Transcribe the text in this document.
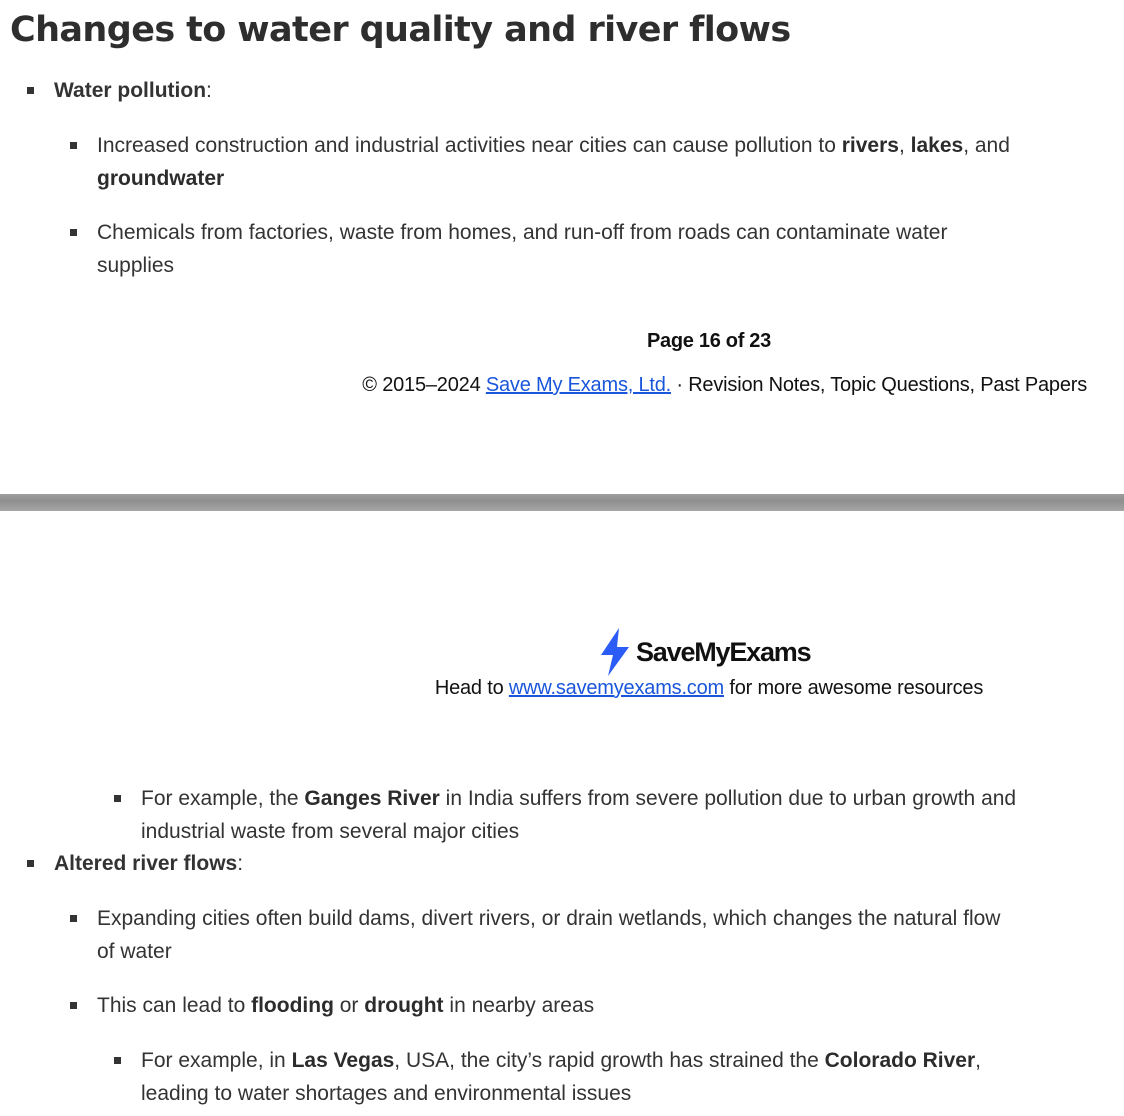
Changes to water quality and river flows
Water pollution:
Increased construction and industrial activities near cities can cause pollution to rivers, lakes, and
groundwater
Chemicals from factories, waste from homes, and run-off from roads can contaminate water
supplies
Page 16 of 23
© 2015–2024 Save My Exams, Ltd. · Revision Notes, Topic Questions, Past Papers
SaveMyExams
Head to www.savemyexams.com for more awesome resources
For example, the Ganges River in India suffers from severe pollution due to urban growth and
industrial waste from several major cities
Altered river flows:
Expanding cities often build dams, divert rivers, or drain wetlands, which changes the natural flow
of water
This can lead to flooding or drought in nearby areas
For example, in Las Vegas, USA, the city’s rapid growth has strained the Colorado River,
leading to water shortages and environmental issues
